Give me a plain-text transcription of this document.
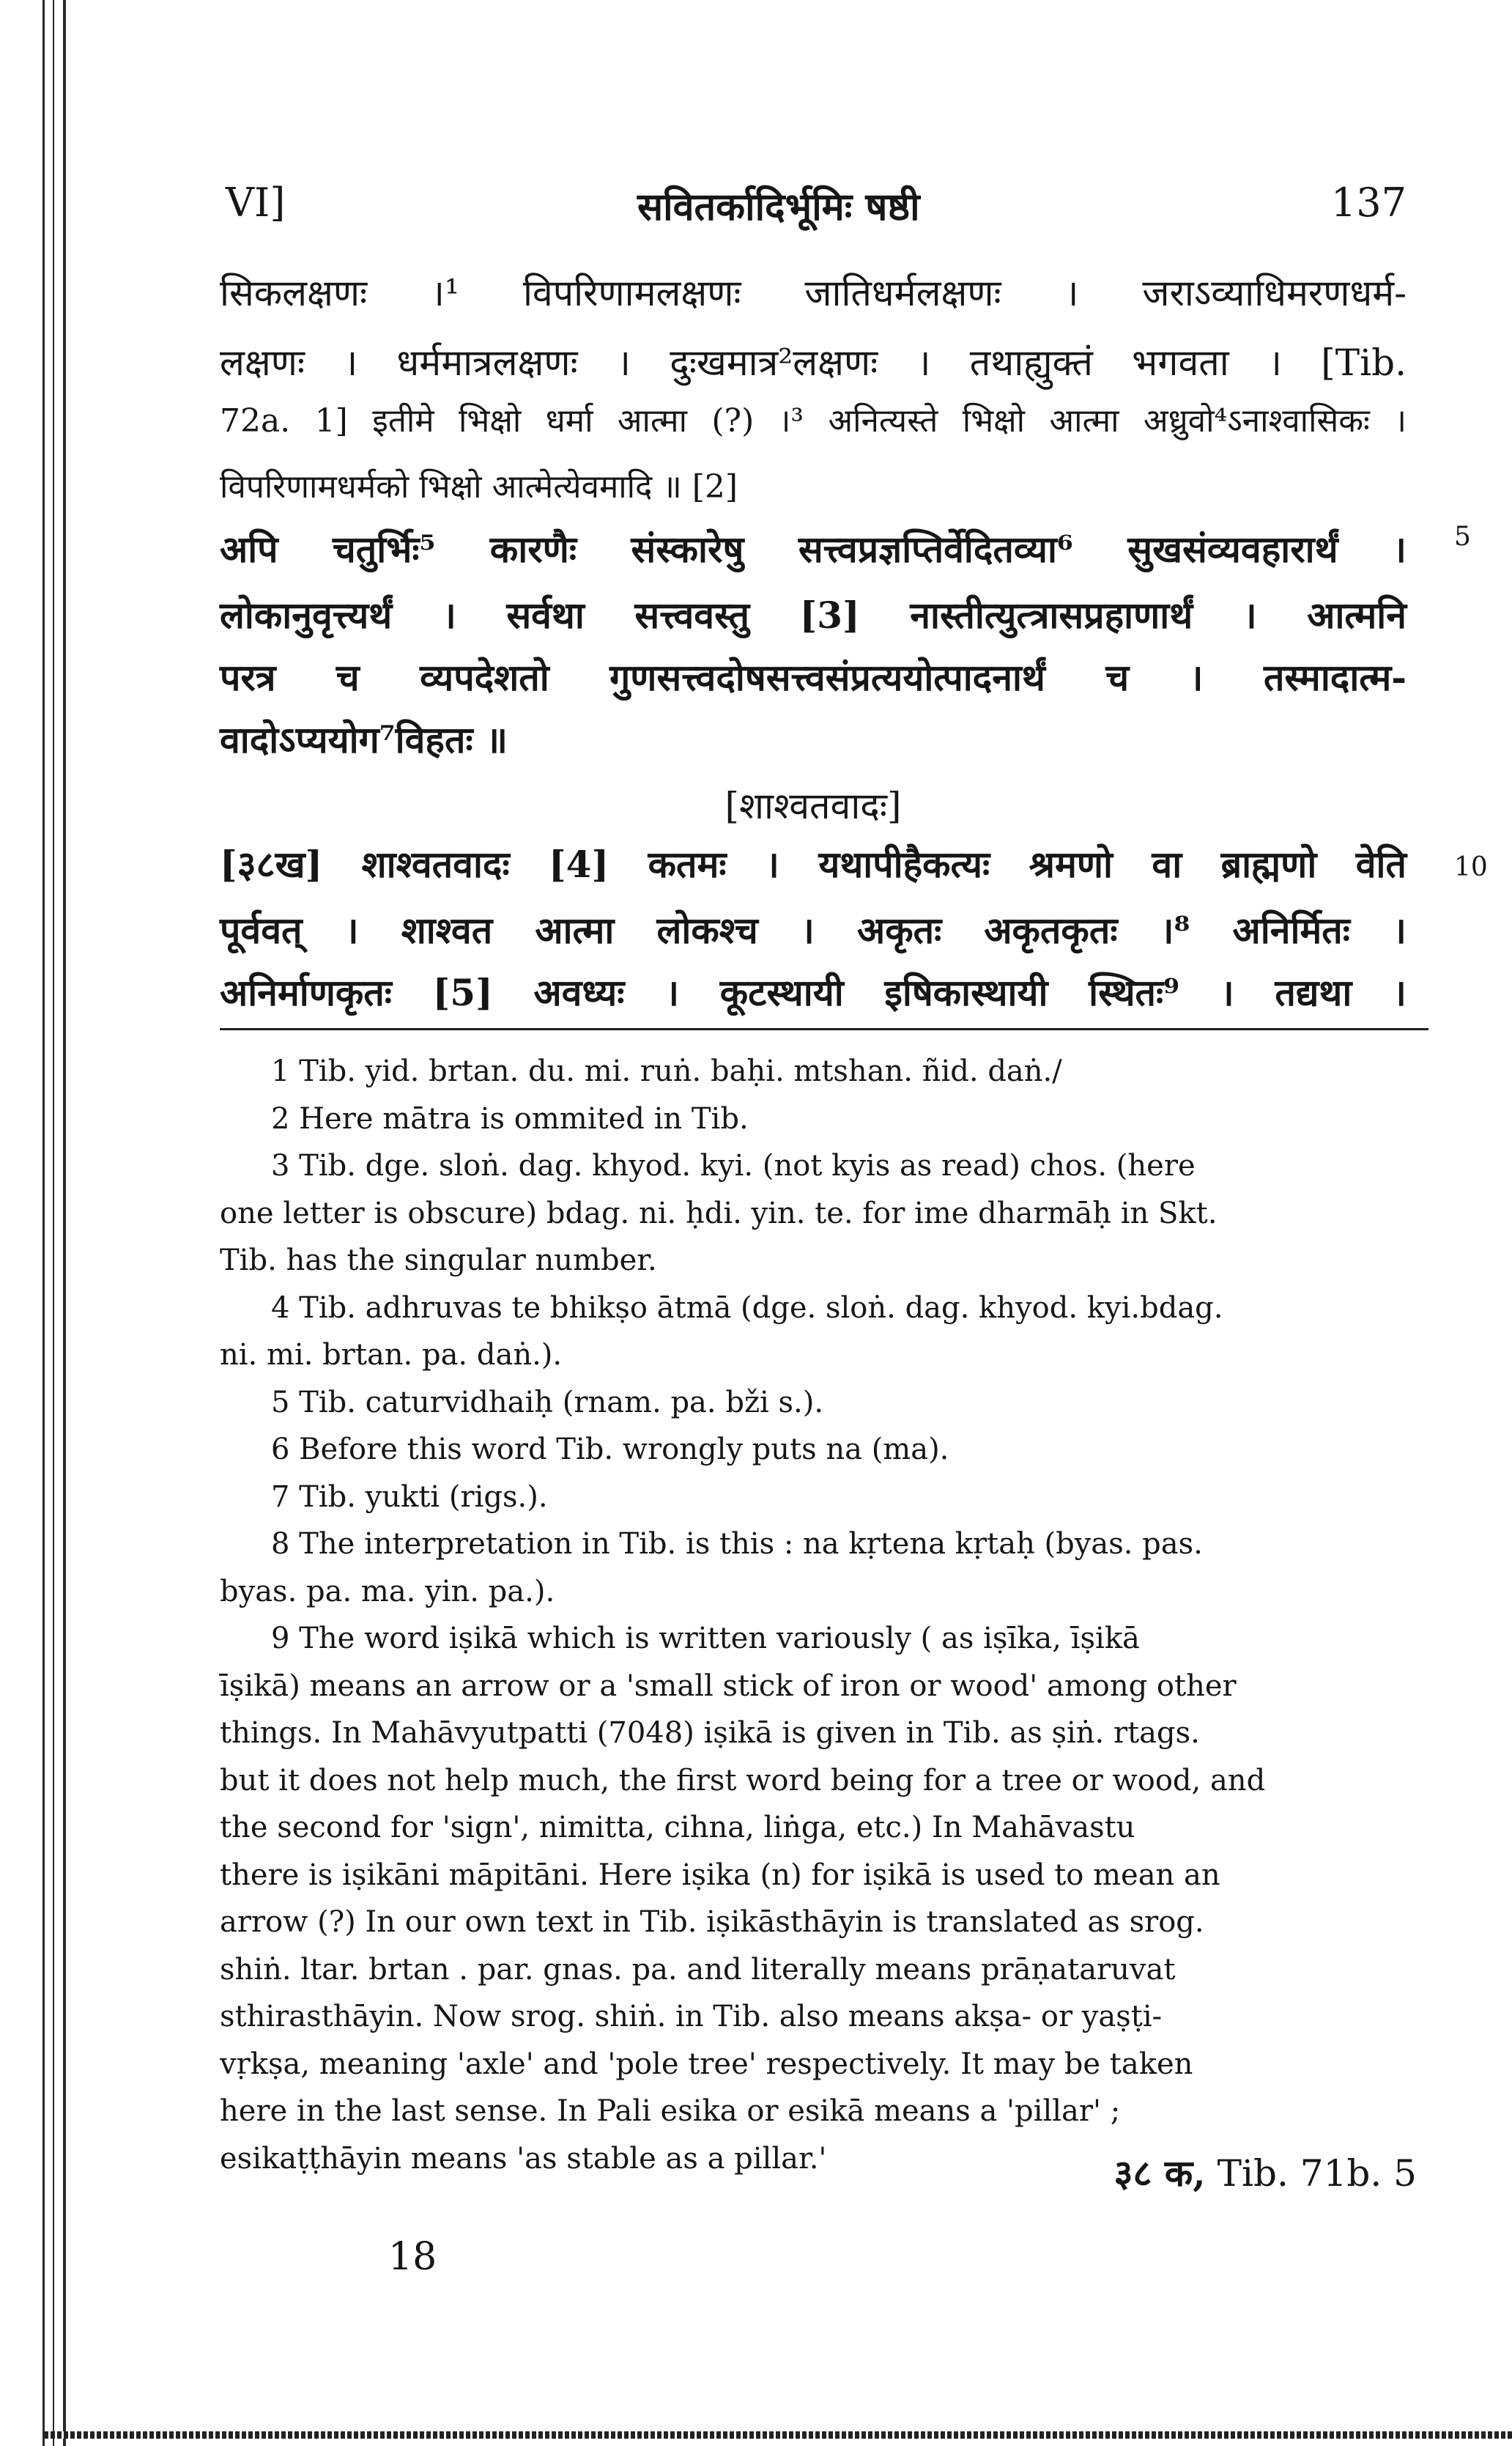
VI]	सवितर्कादिर्भूमिः षष्ठी	137
सिकलक्षणः ।¹ विपरिणामलक्षणः जातिधर्मलक्षणः । जराऽव्याधिमरणधर्म-
लक्षणः । धर्ममात्रलक्षणः । दुःखमात्र²लक्षणः । तथाह्युक्तं भगवता । [Tib.
72a. 1] इतीमे भिक्षो धर्मा आत्मा (?) ।³ अनित्यस्ते भिक्षो आत्मा अध्रुवो⁴ऽनाश्वासिकः ।
विपरिणामधर्मको भिक्षो आत्मेत्येवमादि ॥ [2]
अपि चतुर्भिः⁵ कारणैः संस्कारेषु सत्त्वप्रज्ञप्तिर्वेदितव्या⁶ सुखसंव्यवहारार्थं ।
लोकानुवृत्त्यर्थं । सर्वथा सत्त्ववस्तु [3] नास्तीत्युत्त्रासप्रहाणार्थं । आत्मनि
परत्र च व्यपदेशतो गुणसत्त्वदोषसत्त्वसंप्रत्ययोत्पादनार्थं च । तस्मादात्म-
वादोऽप्ययोग⁷विहतः ॥
[शाश्वतवादः]
[३८ख] शाश्वतवादः [4] कतमः । यथापीहैकत्यः श्रमणो वा ब्राह्मणो वेति
पूर्ववत् । शाश्वत आत्मा लोकश्च । अकृतः अकृतकृतः ।⁸ अनिर्मितः ।
अनिर्माणकृतः [5] अवध्यः । कूटस्थायी इषिकास्थायी स्थितः⁹ । तद्यथा ।
5
10

1 Tib. yid. brtan. du. mi. ruṅ. baḥi. mtshan. ñid. daṅ./

2 Here mātra is ommited in Tib.

3 Tib. dge. sloṅ. dag. khyod. kyi. (not kyis as read) chos. (here

one letter is obscure) bdag. ni. ḥdi. yin. te. for ime dharmāḥ in Skt.

Tib. has the singular number.

4 Tib. adhruvas te bhikṣo ātmā (dge. sloṅ. dag. khyod. kyi.bdag.

ni. mi. brtan. pa. daṅ.).

5 Tib. caturvidhaiḥ (rnam. pa. bži s.).

6 Before this word Tib. wrongly puts na (ma).

7 Tib. yukti (rigs.).

8 The interpretation in Tib. is this : na kṛtena kṛtaḥ (byas. pas.

byas. pa. ma. yin. pa.).

9 The word iṣikā which is written variously ( as iṣīka, īṣikā

īṣikā) means an arrow or a 'small stick of iron or wood' among other

things. In Mahāvyutpatti (7048) iṣikā is given in Tib. as ṣiṅ. rtags.

but it does not help much, the first word being for a tree or wood, and

the second for 'sign', nimitta, cihna, liṅga, etc.) In Mahāvastu

there is iṣikāni māpitāni. Here iṣika (n) for iṣikā is used to mean an

arrow (?) In our own text in Tib. iṣikāsthāyin is translated as srog.

shiṅ. ltar. brtan . par. gnas. pa. and literally means prāṇataruvat

sthirasthāyin. Now srog. shiṅ. in Tib. also means akṣa- or yaṣṭi-

vṛkṣa, meaning 'axle' and 'pole tree' respectively. It may be taken

here in the last sense. In Pali esika or esikā means a 'pillar' ;

esikaṭṭhāyin means 'as stable as a pillar.'	३८ क, Tib. 71b. 5
18
